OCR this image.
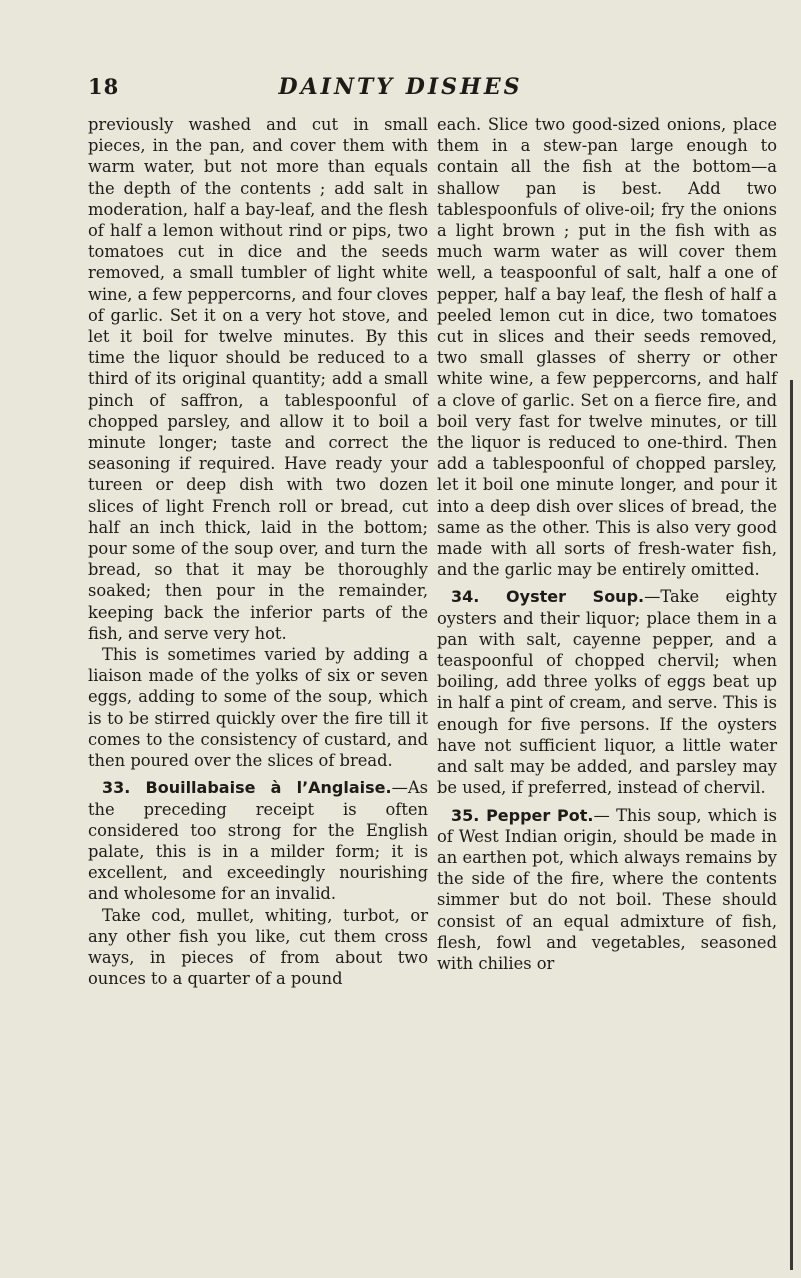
18	DAINTY DISHES

previously washed and cut in small pieces, in the pan, and cover them with warm water, but not more than equals the depth of the contents ; add salt in moderation, half a bay-leaf, and the flesh of half a lemon without rind or pips, two tomatoes cut in dice and the seeds removed, a small tumbler of light white wine, a few peppercorns, and four cloves of garlic. Set it on a very hot stove, and let it boil for twelve minutes. By this time the liquor should be reduced to a third of its original quantity; add a small pinch of saffron, a tablespoonful of chopped parsley, and allow it to boil a minute longer; taste and correct the seasoning if required. Have ready your tureen or deep dish with two dozen slices of light French roll or bread, cut half an inch thick, laid in the bottom; pour some of the soup over, and turn the bread, so that it may be thoroughly soaked; then pour in the remainder, keeping back the inferior parts of the fish, and serve very hot.

This is sometimes varied by adding a liaison made of the yolks of six or seven eggs, adding to some of the soup, which is to be stirred quickly over the fire till it comes to the consistency of custard, and then poured over the slices of bread.

33. Bouillabaise à l’Anglaise.—As the preceding receipt is often considered too strong for the English palate, this is in a milder form; it is excellent, and exceedingly nourishing and wholesome for an invalid.

Take cod, mullet, whiting, turbot, or any other fish you like, cut them cross ways, in pieces of from about two ounces to a quarter of a pound

each. Slice two good-sized onions, place them in a stew-pan large enough to contain all the fish at the bottom—a shallow pan is best. Add two tablespoonfuls of olive-oil; fry the onions a light brown ; put in the fish with as much warm water as will cover them well, a teaspoonful of salt, half a one of pepper, half a bay leaf, the flesh of half a peeled lemon cut in dice, two tomatoes cut in slices and their seeds removed, two small glasses of sherry or other white wine, a few peppercorns, and half a clove of garlic. Set on a fierce fire, and boil very fast for twelve minutes, or till the liquor is reduced to one-third. Then add a tablespoonful of chopped parsley, let it boil one minute longer, and pour it into a deep dish over slices of bread, the same as the other. This is also very good made with all sorts of fresh-water fish, and the garlic may be entirely omitted.

34. Oyster Soup.—Take eighty oysters and their liquor; place them in a pan with salt, cayenne pepper, and a teaspoonful of chopped chervil; when boiling, add three yolks of eggs beat up in half a pint of cream, and serve. This is enough for five persons. If the oysters have not sufficient liquor, a little water and salt may be added, and parsley may be used, if preferred, instead of chervil.

35. Pepper Pot.— This soup, which is of West Indian origin, should be made in an earthen pot, which always remains by the side of the fire, where the contents simmer but do not boil. These should consist of an equal admixture of fish, flesh, fowl and vegetables, seasoned with chilies or
